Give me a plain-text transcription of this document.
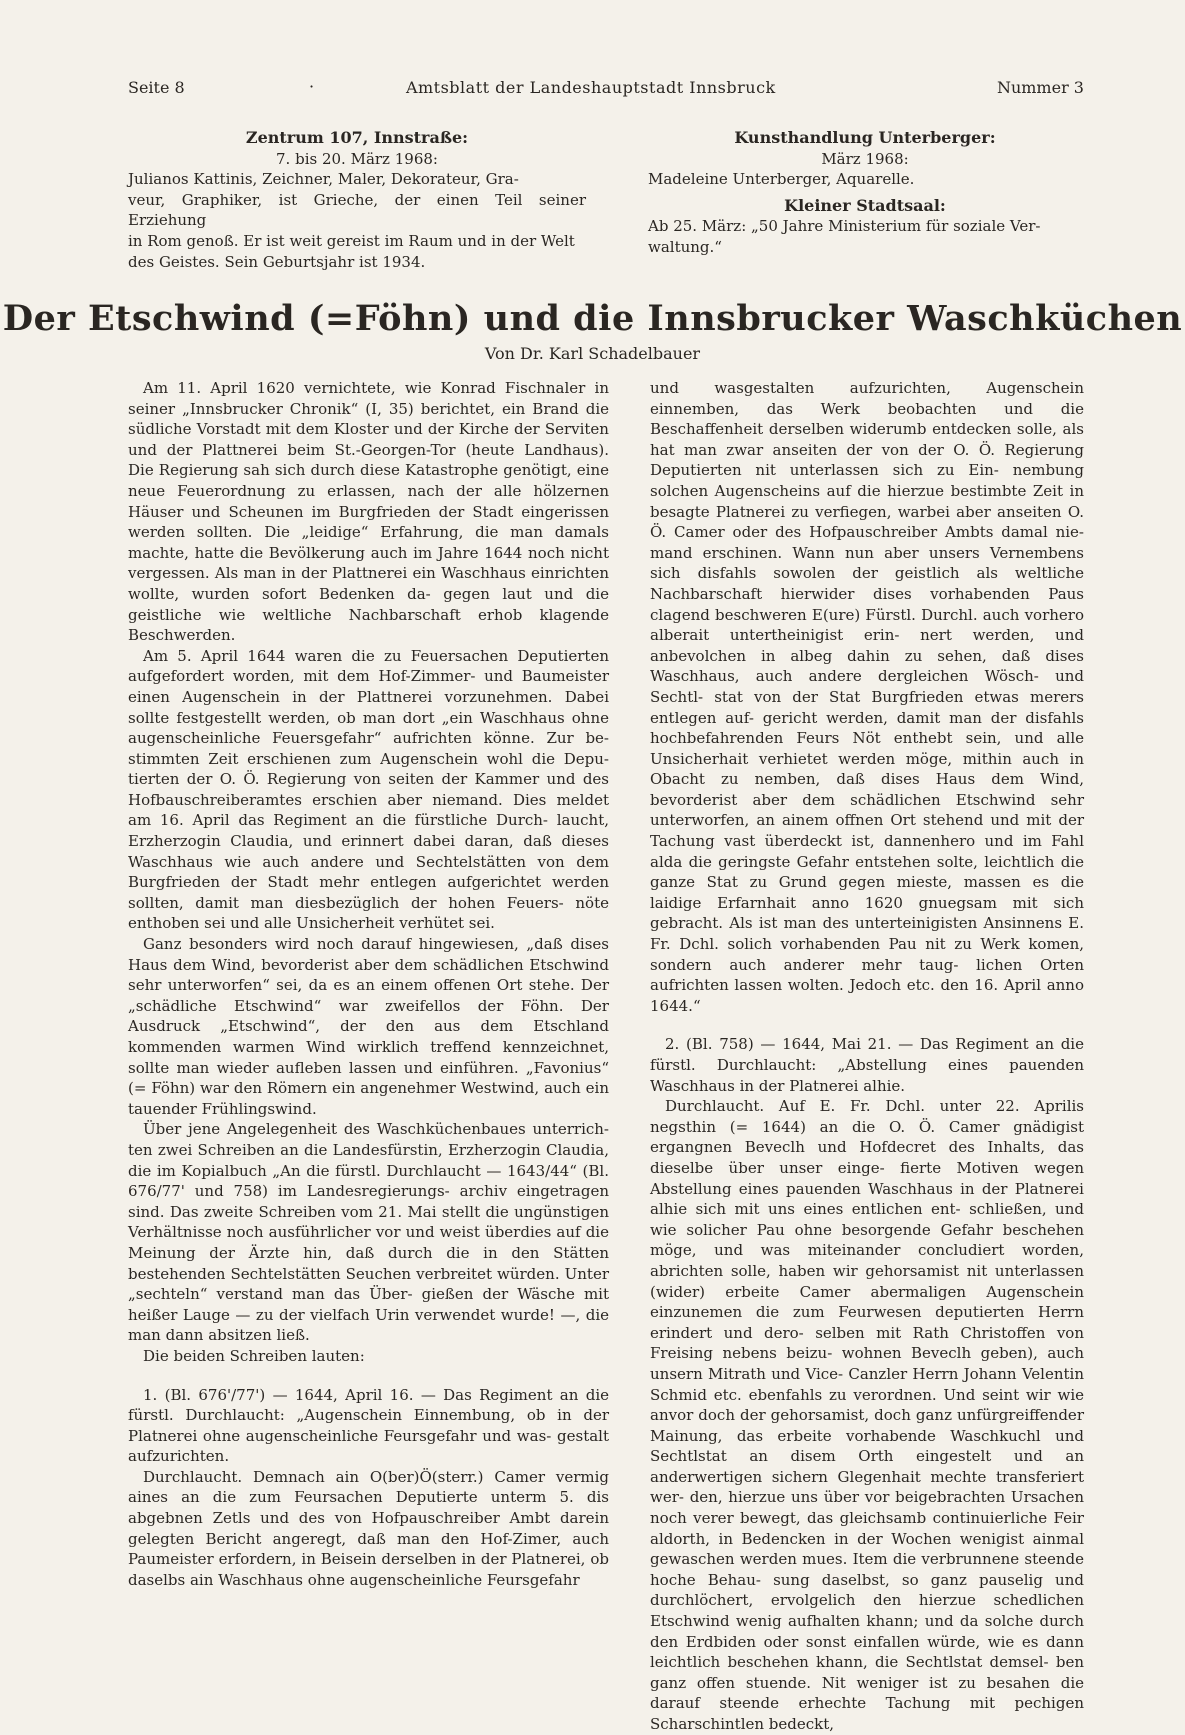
Seite 8	·	Amtsblatt der Landeshauptstadt Innsbruck	Nummer 3

Zentrum 107, Innstraße:

7. bis 20. März 1968:

Julianos Kattinis, Zeichner, Maler, Dekorateur, Gra-
veur, Graphiker, ist Grieche, der einen Teil seiner Erziehung
in Rom genoß. Er ist weit gereist im Raum und in der Welt
des Geistes. Sein Geburtsjahr ist 1934.

Kunsthandlung Unterberger:

März 1968:

Madeleine Unterberger, Aquarelle.

Kleiner Stadtsaal:

Ab 25. März: „50 Jahre Ministerium für soziale Ver-
waltung.“
Der Etschwind (=Föhn) und die Innsbrucker Waschküchen
Von Dr. Karl Schadelbauer

Am 11. April 1620 vernichtete, wie Konrad Fischnaler in seiner „Innsbrucker Chronik“ (I, 35) berichtet, ein Brand die südliche Vorstadt mit dem Kloster und der Kirche der Serviten und der Plattnerei beim St.-Georgen-Tor (heute Landhaus). Die Regierung sah sich durch diese Katastrophe genötigt, eine neue Feuerordnung zu erlassen, nach der alle hölzernen Häuser und Scheunen im Burgfrieden der Stadt eingerissen werden sollten. Die „leidige“ Erfahrung, die man damals machte, hatte die Bevölkerung auch im Jahre 1644 noch nicht vergessen. Als man in der Plattnerei ein Waschhaus einrichten wollte, wurden sofort Bedenken da- gegen laut und die geistliche wie weltliche Nachbarschaft erhob klagende Beschwerden.

Am 5. April 1644 waren die zu Feuersachen Deputierten aufgefordert worden, mit dem Hof-Zimmer- und Baumeister einen Augenschein in der Plattnerei vorzunehmen. Dabei sollte festgestellt werden, ob man dort „ein Waschhaus ohne augenscheinliche Feuersgefahr“ aufrichten könne. Zur be- stimmten Zeit erschienen zum Augenschein wohl die Depu- tierten der O. Ö. Regierung von seiten der Kammer und des Hofbauschreiberamtes erschien aber niemand. Dies meldet am 16. April das Regiment an die fürstliche Durch- laucht, Erzherzogin Claudia, und erinnert dabei daran, daß dieses Waschhaus wie auch andere und Sechtelstätten von dem Burgfrieden der Stadt mehr entlegen aufgerichtet werden sollten, damit man diesbezüglich der hohen Feuers- nöte enthoben sei und alle Unsicherheit verhütet sei.

Ganz besonders wird noch darauf hingewiesen, „daß dises Haus dem Wind, bevorderist aber dem schädlichen Etschwind sehr unterworfen“ sei, da es an einem offenen Ort stehe. Der „schädliche Etschwind“ war zweifellos der Föhn. Der Ausdruck „Etschwind“, der den aus dem Etschland kommenden warmen Wind wirklich treffend kennzeichnet, sollte man wieder aufleben lassen und einführen. „Favonius“ (= Föhn) war den Römern ein angenehmer Westwind, auch ein tauender Frühlingswind.

Über jene Angelegenheit des Waschküchenbaues unterrich- ten zwei Schreiben an die Landesfürstin, Erzherzogin Claudia, die im Kopialbuch „An die fürstl. Durchlaucht — 1643/44“ (Bl. 676/77' und 758) im Landesregierungs- archiv eingetragen sind. Das zweite Schreiben vom 21. Mai stellt die ungünstigen Verhältnisse noch ausführlicher vor und weist überdies auf die Meinung der Ärzte hin, daß durch die in den Stätten bestehenden Sechtelstätten Seuchen verbreitet würden. Unter „sechteln“ verstand man das Über- gießen der Wäsche mit heißer Lauge — zu der vielfach Urin verwendet wurde! —, die man dann absitzen ließ.

Die beiden Schreiben lauten:

1. (Bl. 676'/77') — 1644, April 16. — Das Regiment an die fürstl. Durchlaucht: „Augenschein Einnembung, ob in der Platnerei ohne augenscheinliche Feursgefahr und was- gestalt aufzurichten.

Durchlaucht. Demnach ain O(ber)Ö(sterr.) Camer vermig aines an die zum Feursachen Deputierte unterm 5. dis abgebnen Zetls und des von Hofpauschreiber Ambt darein gelegten Bericht angeregt, daß man den Hof-Zimer, auch Paumeister erfordern, in Beisein derselben in der Platnerei, ob daselbs ain Waschhaus ohne augenscheinliche Feursgefahr

und wasgestalten aufzurichten, Augenschein einnemben, das Werk beobachten und die Beschaffenheit derselben widerumb entdecken solle, als hat man zwar anseiten der von der O. Ö. Regierung Deputierten nit unterlassen sich zu Ein- nembung solchen Augenscheins auf die hierzue bestimbte Zeit in besagte Platnerei zu verfiegen, warbei aber anseiten O. Ö. Camer oder des Hofpauschreiber Ambts damal nie- mand erschinen. Wann nun aber unsers Vernembens sich disfahls sowolen der geistlich als weltliche Nachbarschaft hierwider dises vorhabenden Paus clagend beschweren E(ure) Fürstl. Durchl. auch vorhero alberait untertheinigist erin- nert werden, und anbevolchen in albeg dahin zu sehen, daß dises Waschhaus, auch andere dergleichen Wösch- und Sechtl- stat von der Stat Burgfrieden etwas merers entlegen auf- gericht werden, damit man der disfahls hochbefahrenden Feurs Nöt enthebt sein, und alle Unsicherhait verhietet werden möge, mithin auch in Obacht zu nemben, daß dises Haus dem Wind, bevorderist aber dem schädlichen Etschwind sehr unterworfen, an ainem offnen Ort stehend und mit der Tachung vast überdeckt ist, dannenhero und im Fahl alda die geringste Gefahr entstehen solte, leichtlich die ganze Stat zu Grund gegen mieste, massen es die laidige Erfarnhait anno 1620 gnuegsam mit sich gebracht. Als ist man des unterteinigisten Ansinnens E. Fr. Dchl. solich vorhabenden Pau nit zu Werk komen, sondern auch anderer mehr taug- lichen Orten aufrichten lassen wolten. Jedoch etc. den 16. April anno 1644.“

2. (Bl. 758) — 1644, Mai 21. — Das Regiment an die fürstl. Durchlaucht: „Abstellung eines pauenden Waschhaus in der Platnerei alhie.

Durchlaucht. Auf E. Fr. Dchl. unter 22. Aprilis negsthin (= 1644) an die O. Ö. Camer gnädigist ergangnen Beveclh und Hofdecret des Inhalts, das dieselbe über unser einge- fierte Motiven wegen Abstellung eines pauenden Waschhaus in der Platnerei alhie sich mit uns eines entlichen ent- schließen, und wie solicher Pau ohne besorgende Gefahr beschehen möge, und was miteinander concludiert worden, abrichten solle, haben wir gehorsamist nit unterlassen (wider) erbeite Camer abermaligen Augenschein einzunemen die zum Feurwesen deputierten Herrn erindert und dero- selben mit Rath Christoffen von Freising nebens beizu- wohnen Beveclh geben), auch unsern Mitrath und Vice- Canzler Herrn Johann Velentin Schmid etc. ebenfahls zu verordnen. Und seint wir wie anvor doch der gehorsamist, doch ganz unfürgreiffender Mainung, das erbeite vorhabende Waschkuchl und Sechtlstat an disem Orth eingestelt und an anderwertigen sichern Glegenhait mechte transferiert wer- den, hierzue uns über vor beigebrachten Ursachen noch verer bewegt, das gleichsamb continuierliche Feir aldorth, in Bedencken in der Wochen wenigist ainmal gewaschen werden mues. Item die verbrunnene steende hoche Behau- sung daselbst, so ganz pauselig und durchlöchert, ervolgelich den hierzue schedlichen Etschwind wenig aufhalten khann; und da solche durch den Erdbiden oder sonst einfallen würde, wie es dann leichtlich beschehen khann, die Sechtlstat demsel- ben ganz offen stuende. Nit weniger ist zu besahen die darauf steende erhechte Tachung mit pechigen Scharschintlen bedeckt,
